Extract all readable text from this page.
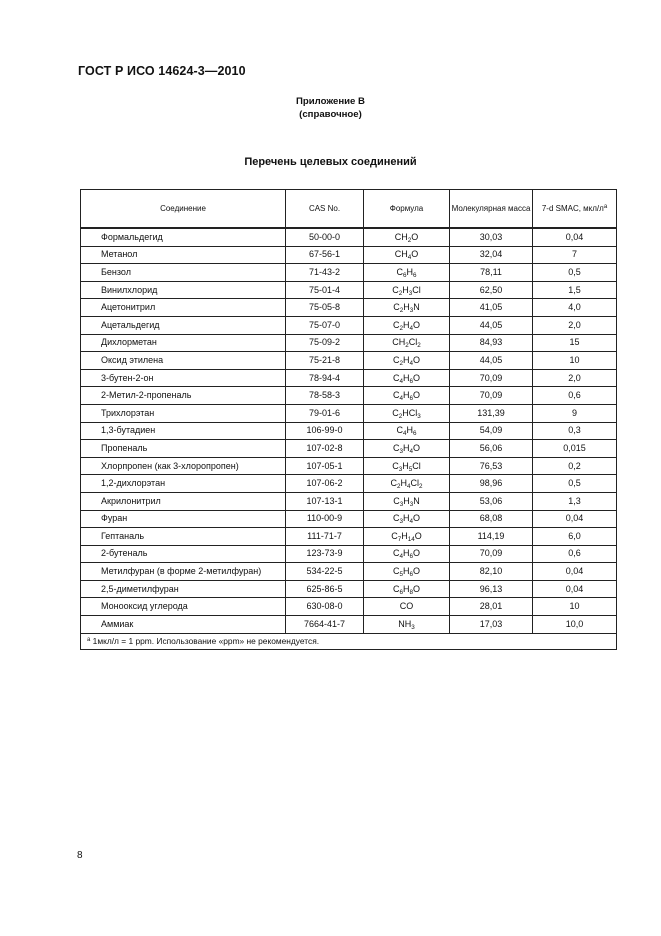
ГОСТ Р ИСО 14624-3—2010
Приложение В
(справочное)
Перечень целевых соединений
Соединение	CAS No.	Формула	Молекулярная масса	7-d SMAC, мкл/$л^а$
Формальдегид	50-00-0	$CH_2O$	30,03	0,04
Метанол	67-56-1	$CH_4O$	32,04	7
Бензол	71-43-2	$C_6H_6$	78,11	0,5
Винилхлорид	75-01-4	$C_2H_3Cl$	62,50	1,5
Ацетонитрил	75-05-8	$C_2H_3N$	41,05	4,0
Ацетальдегид	75-07-0	$C_2H_4O$	44,05	2,0
Дихлорметан	75-09-2	$CH_2Cl_2$	84,93	15
Оксид этилена	75-21-8	$C_2H_4O$	44,05	10
3-бутен-2-он	78-94-4	$C_4H_6O$	70,09	2,0
2-Метил-2-пропеналь	78-58-3	$C_4H_6O$	70,09	0,6
Трихлорэтан	79-01-6	$C_2HCl_3$	131,39	9
1,3-бутадиен	106-99-0	$C_4H_6$	54,09	0,3
Пропеналь	107-02-8	$C_3H_4O$	56,06	0,015
Хлорпропен (как 3-хлоропропен)	107-05-1	$C_3H_5Cl$	76,53	0,2
1,2-дихлорэтан	107-06-2	$C_2H_4Cl_2$	98,96	0,5
Акрилонитрил	107-13-1	$C_3H_3N$	53,06	1,3
Фуран	110-00-9	$C_3H_4O$	68,08	0,04
Гептаналь	111-71-7	$C_7H_{14}O$	114,19	6,0
2-бутеналь	123-73-9	$C_4H_6O$	70,09	0,6
Метилфуран (в форме 2-метилфуран)	534-22-5	$C_5H_6O$	82,10	0,04
2,5-диметилфуран	625-86-5	$C_6H_8O$	96,13	0,04
Монооксид углерода	630-08-0	CO	28,01	10
Аммиак	7664-41-7	$NH_3$	17,03	10,0
$^а$ 1мкл/л = 1 ppm. Использование «ppm» не рекомендуется.				
8
